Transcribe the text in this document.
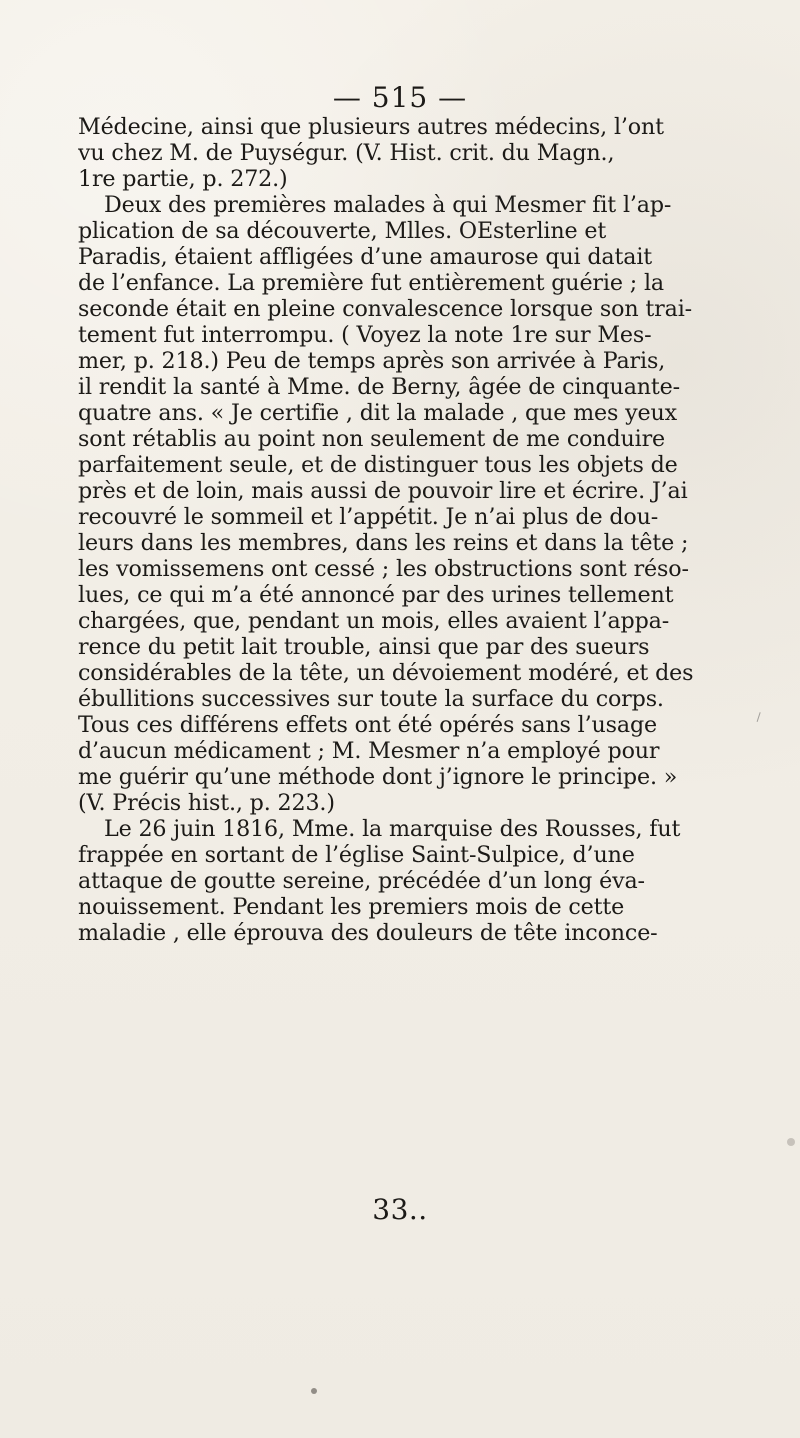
— 515 —
Médecine, ainsi que plusieurs autres médecins, l’ont
vu chez M. de Puységur. (V. Hist. crit. du Magn.,
1re partie, p. 272.)
Deux des premières malades à qui Mesmer fit l’ap-
plication de sa découverte, Mlles. OEsterline et
Paradis, étaient affligées d’une amaurose qui datait
de l’enfance. La première fut entièrement guérie ; la
seconde était en pleine convalescence lorsque son trai-
tement fut interrompu. ( Voyez la note 1re sur Mes-
mer, p. 218.) Peu de temps après son arrivée à Paris,
il rendit la santé à Mme. de Berny, âgée de cinquante-
quatre ans. « Je certifie , dit la malade , que mes yeux
sont rétablis au point non seulement de me conduire
parfaitement seule, et de distinguer tous les objets de
près et de loin, mais aussi de pouvoir lire et écrire. J’ai
recouvré le sommeil et l’appétit. Je n’ai plus de dou-
leurs dans les membres, dans les reins et dans la tête ;
les vomissemens ont cessé ; les obstructions sont réso-
lues, ce qui m’a été annoncé par des urines tellement
chargées, que, pendant un mois, elles avaient l’appa-
rence du petit lait trouble, ainsi que par des sueurs
considérables de la tête, un dévoiement modéré, et des
ébullitions successives sur toute la surface du corps.
Tous ces différens effets ont été opérés sans l’usage
d’aucun médicament ; M. Mesmer n’a employé pour
me guérir qu’une méthode dont j’ignore le principe. »
(V. Précis hist., p. 223.)
Le 26 juin 1816, Mme. la marquise des Rousses, fut
frappée en sortant de l’église Saint-Sulpice, d’une
attaque de goutte sereine, précédée d’un long éva-
nouissement. Pendant les premiers mois de cette
maladie , elle éprouva des douleurs de tête inconce-
33..
